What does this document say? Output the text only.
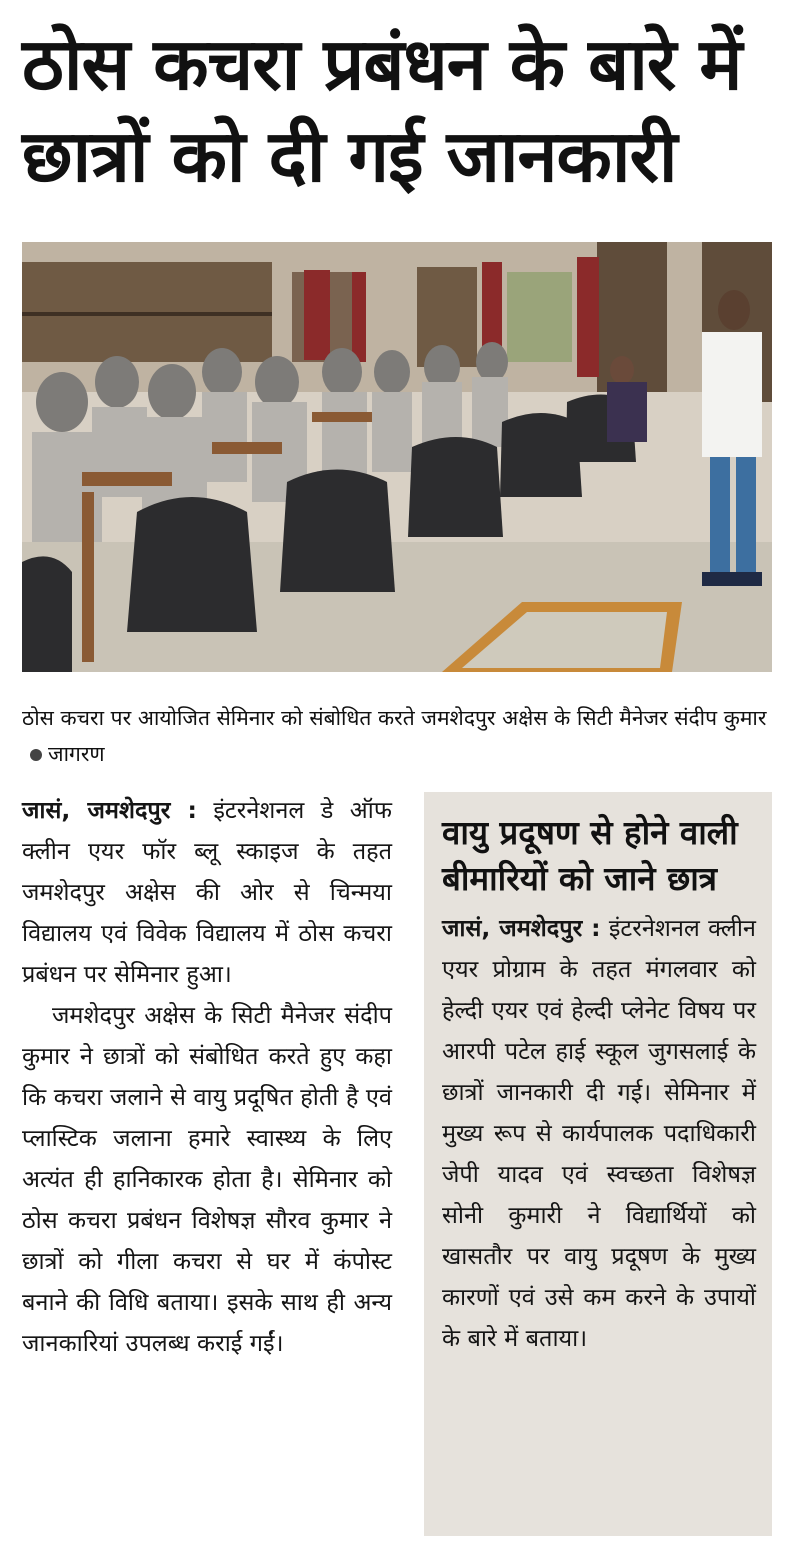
ठोस कचरा प्रबंधन के बारे में छात्रों को दी गई जानकारी
ठोस कचरा पर आयोजित सेमिनार को संबोधित करते जमशेदपुर अक्षेस के सिटी मैनेजर संदीप कुमारजागरण

जासं, जमशेदपुर : इंटरनेशनल डे ऑफ क्लीन एयर फॉर ब्लू स्काइज के तहत जमशेदपुर अक्षेस की ओर से चिन्मया विद्यालय एवं विवेक विद्यालय में ठोस कचरा प्रबंधन पर सेमिनार हुआ।

जमशेदपुर अक्षेस के सिटी मैनेजर संदीप कुमार ने छात्रों को संबोधित करते हुए कहा कि कचरा जलाने से वायु प्रदूषित होती है एवं प्लास्टिक जलाना हमारे स्वास्थ्य के लिए अत्यंत ही हानिकारक होता है। सेमिनार को ठोस कचरा प्रबंधन विशेषज्ञ सौरव कुमार ने छात्रों को गीला कचरा से घर में कंपोस्ट बनाने की विधि बताया। इसके साथ ही अन्य जानकारियां उपलब्ध कराई गईं।

वायु प्रदूषण से होने वाली बीमारियों को जाने छात्र

जासं, जमशेदपुर : इंटरनेशनल क्लीन एयर प्रोग्राम के तहत मंगलवार को हेल्दी एयर एवं हेल्दी प्लेनेट विषय पर आरपी पटेल हाई स्कूल जुगसलाई के छात्रों जानकारी दी गई। सेमिनार में मुख्य रूप से कार्यपालक पदाधिकारी जेपी यादव एवं स्वच्छता विशेषज्ञ सोनी कुमारी ने विद्यार्थियों को खासतौर पर वायु प्रदूषण के मुख्य कारणों एवं उसे कम करने के उपायों के बारे में बताया।
